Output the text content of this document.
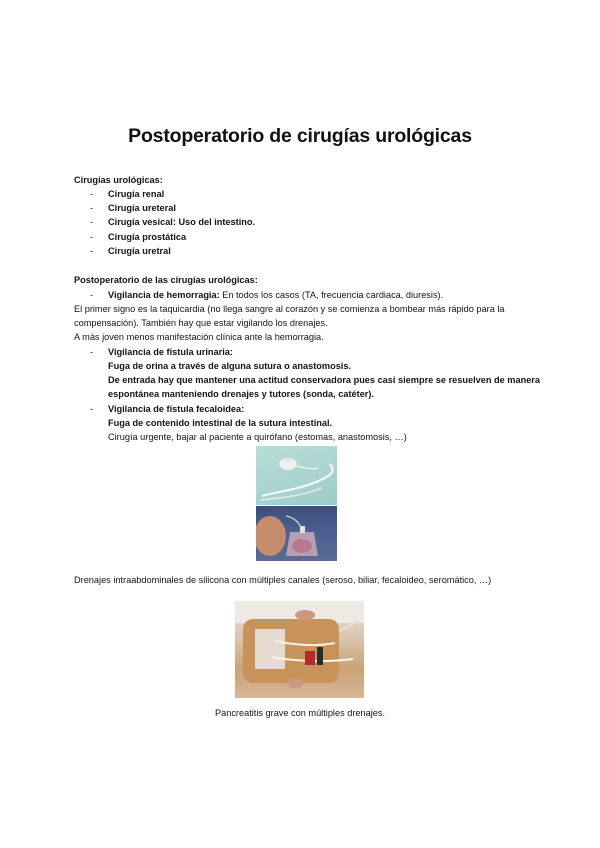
Postoperatorio de cirugías urológicas
Cirugías urológicas:
- Cirugía renal
- Cirugía ureteral
- Cirugía vesical: Uso del intestino.
- Cirugía prostática
- Cirugía uretral
Postoperatorio de las cirugías urológicas:
- Vigilancia de hemorragia: En todos los casos (TA, frecuencia cardiaca, diuresis).
El primer signo es la taquicardia (no llega sangre al corazón y se comienza a bombear más rápido para la
compensación). También hay que estar vigilando los drenajes.
A más joven menos manifestación clínica ante la hemorragia.
- Vigilancia de fístula urinaria:
Fuga de orina a través de alguna sutura o anastomosis.
De entrada hay que mantener una actitud conservadora pues casi siempre se resuelven de manera
espontánea manteniendo drenajes y tutores (sonda, catéter).
- Vigilancia de fístula fecaloidea:
Fuga de contenido intestinal de la sutura intestinal.
Cirugía urgente, bajar al paciente a quirófano (estomas, anastomosis, …)
Drenajes intraabdominales de silicona con múltiples canales (seroso, biliar, fecaloideo, seromático, …)
Pancreatitis grave con múltiples drenajes.
